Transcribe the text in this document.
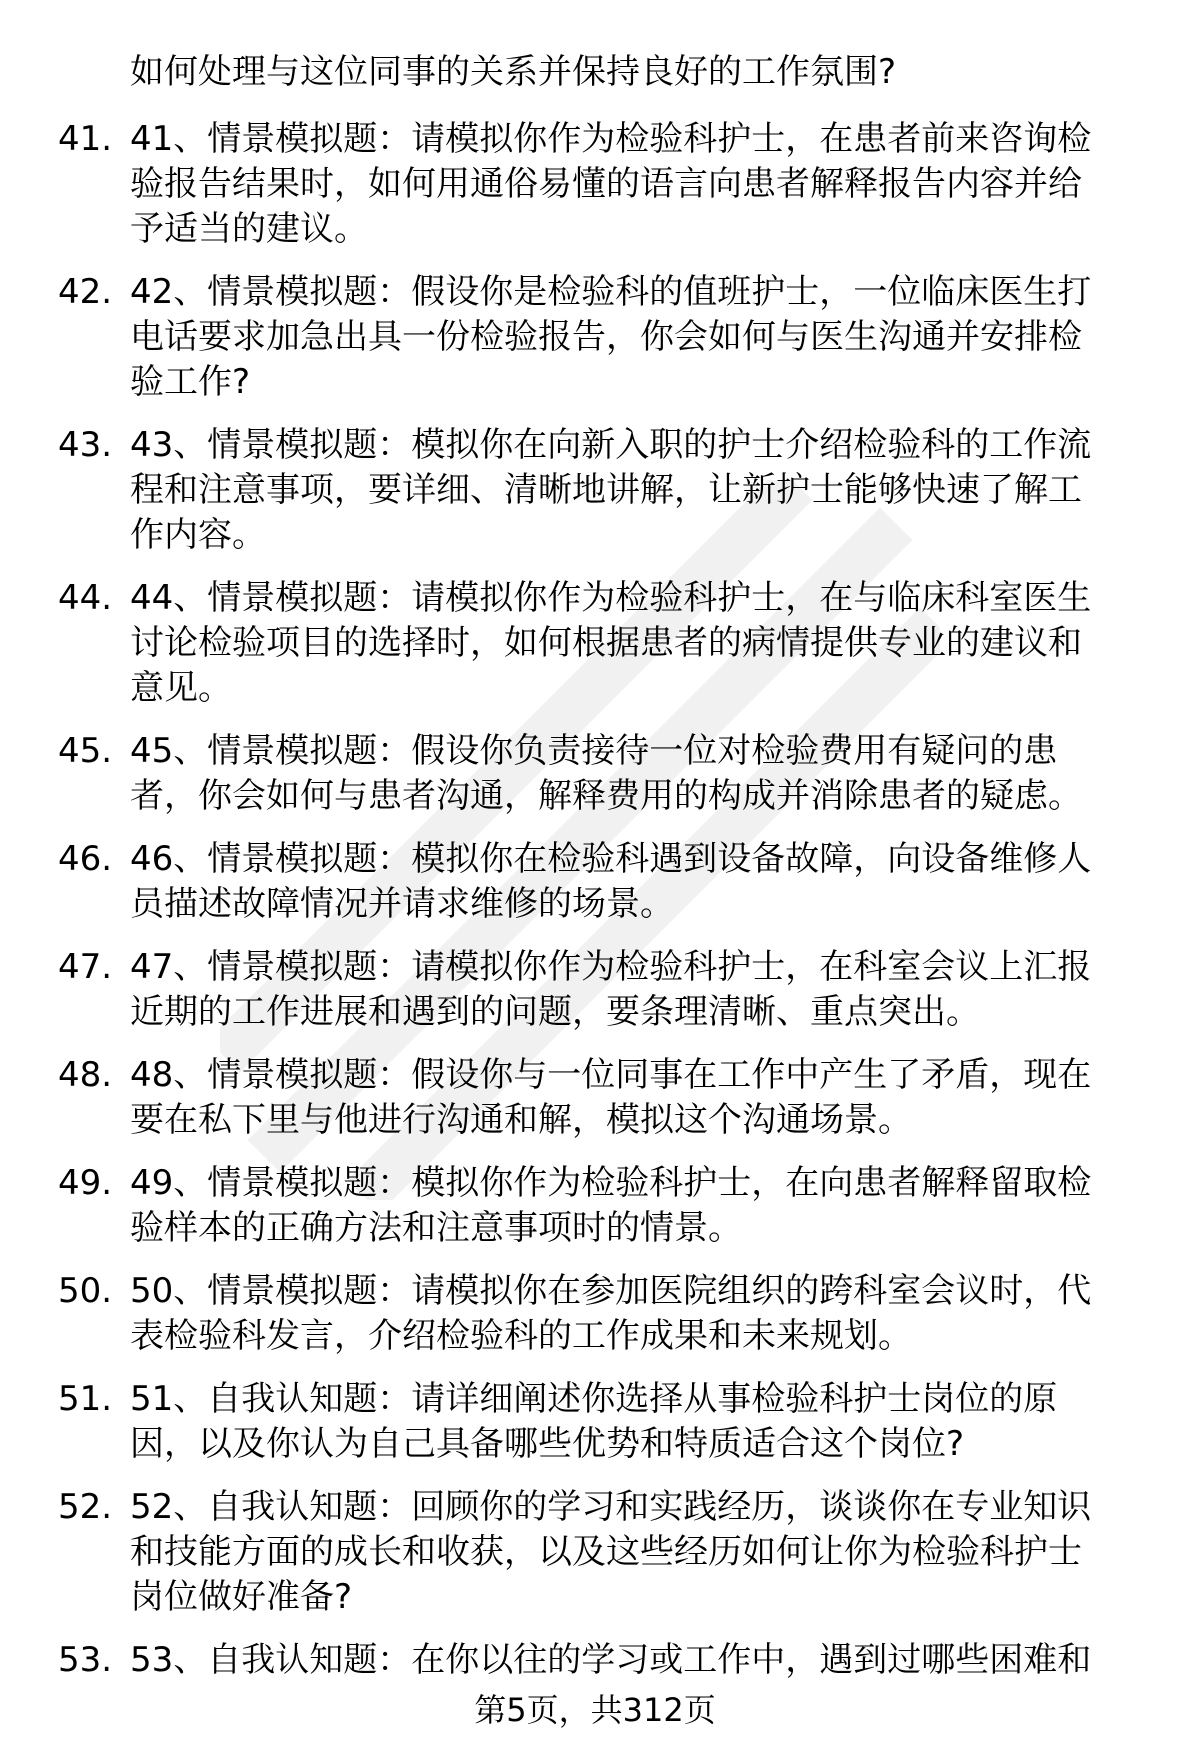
如何处理与这位同事的关系并保持良好的工作氛围?
41. 41、情景模拟题：请模拟你作为检验科护士，在患者前来咨询检
验报告结果时，如何用通俗易懂的语言向患者解释报告内容并给
予适当的建议。
42. 42、情景模拟题：假设你是检验科的值班护士，一位临床医生打
电话要求加急出具一份检验报告，你会如何与医生沟通并安排检
验工作?
43. 43、情景模拟题：模拟你在向新入职的护士介绍检验科的工作流
程和注意事项，要详细、清晰地讲解，让新护士能够快速了解工
作内容。
44. 44、情景模拟题：请模拟你作为检验科护士，在与临床科室医生
讨论检验项目的选择时，如何根据患者的病情提供专业的建议和
意见。
45. 45、情景模拟题：假设你负责接待一位对检验费用有疑问的患
者，你会如何与患者沟通，解释费用的构成并消除患者的疑虑。
46. 46、情景模拟题：模拟你在检验科遇到设备故障，向设备维修人
员描述故障情况并请求维修的场景。
47. 47、情景模拟题：请模拟你作为检验科护士，在科室会议上汇报
近期的工作进展和遇到的问题，要条理清晰、重点突出。
48. 48、情景模拟题：假设你与一位同事在工作中产生了矛盾，现在
要在私下里与他进行沟通和解，模拟这个沟通场景。
49. 49、情景模拟题：模拟你作为检验科护士，在向患者解释留取检
验样本的正确方法和注意事项时的情景。
50. 50、情景模拟题：请模拟你在参加医院组织的跨科室会议时，代
表检验科发言，介绍检验科的工作成果和未来规划。
51. 51、自我认知题：请详细阐述你选择从事检验科护士岗位的原
因，以及你认为自己具备哪些优势和特质适合这个岗位?
52. 52、自我认知题：回顾你的学习和实践经历，谈谈你在专业知识
和技能方面的成长和收获，以及这些经历如何让你为检验科护士
岗位做好准备?
53. 53、自我认知题：在你以往的学习或工作中，遇到过哪些困难和
第5页，共312页
